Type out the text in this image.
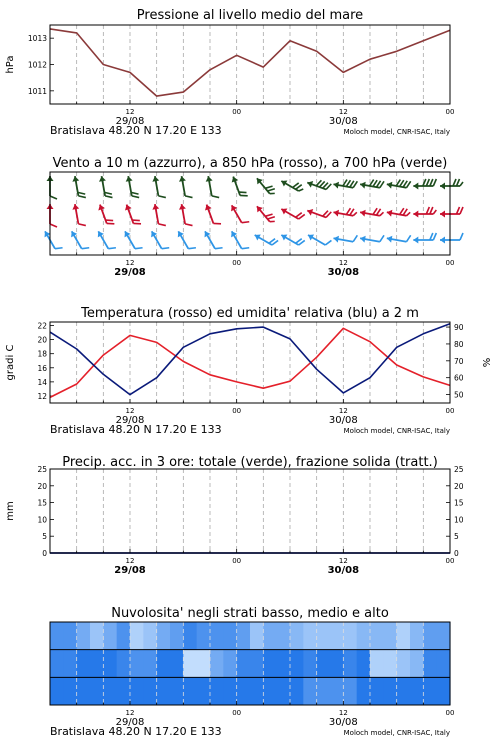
Pressione al livello medio del mare
1011
1012
1013
hPa
12	00	12	00
29/08	30/08
Bratislava 48.20 N 17.20 E 133	Moloch model, CNR-ISAC, Italy
Vento a 10 m (azzurro), a 850 hPa (rosso), a 700 hPa (verde)
12	00	12	00
29/08	30/08
Temperatura (rosso) ed umidita' relativa (blu) a 2 m
12
14
16
18
20
22
50
60
70
80
90
gradi C	%
12	00	12	00
29/08	30/08
Bratislava 48.20 N 17.20 E 133	Moloch model, CNR-ISAC, Italy
Precip. acc. in 3 ore: totale (verde), frazione solida (tratt.)
0
5
10
15
20
25
0
5
10
15
20
25
mm
12	00	12	00
29/08	30/08
Nuvolosita' negli strati basso, medio e alto
12	00	12	00
29/08	30/08
Bratislava 48.20 N 17.20 E 133	Moloch model, CNR-ISAC, Italy
